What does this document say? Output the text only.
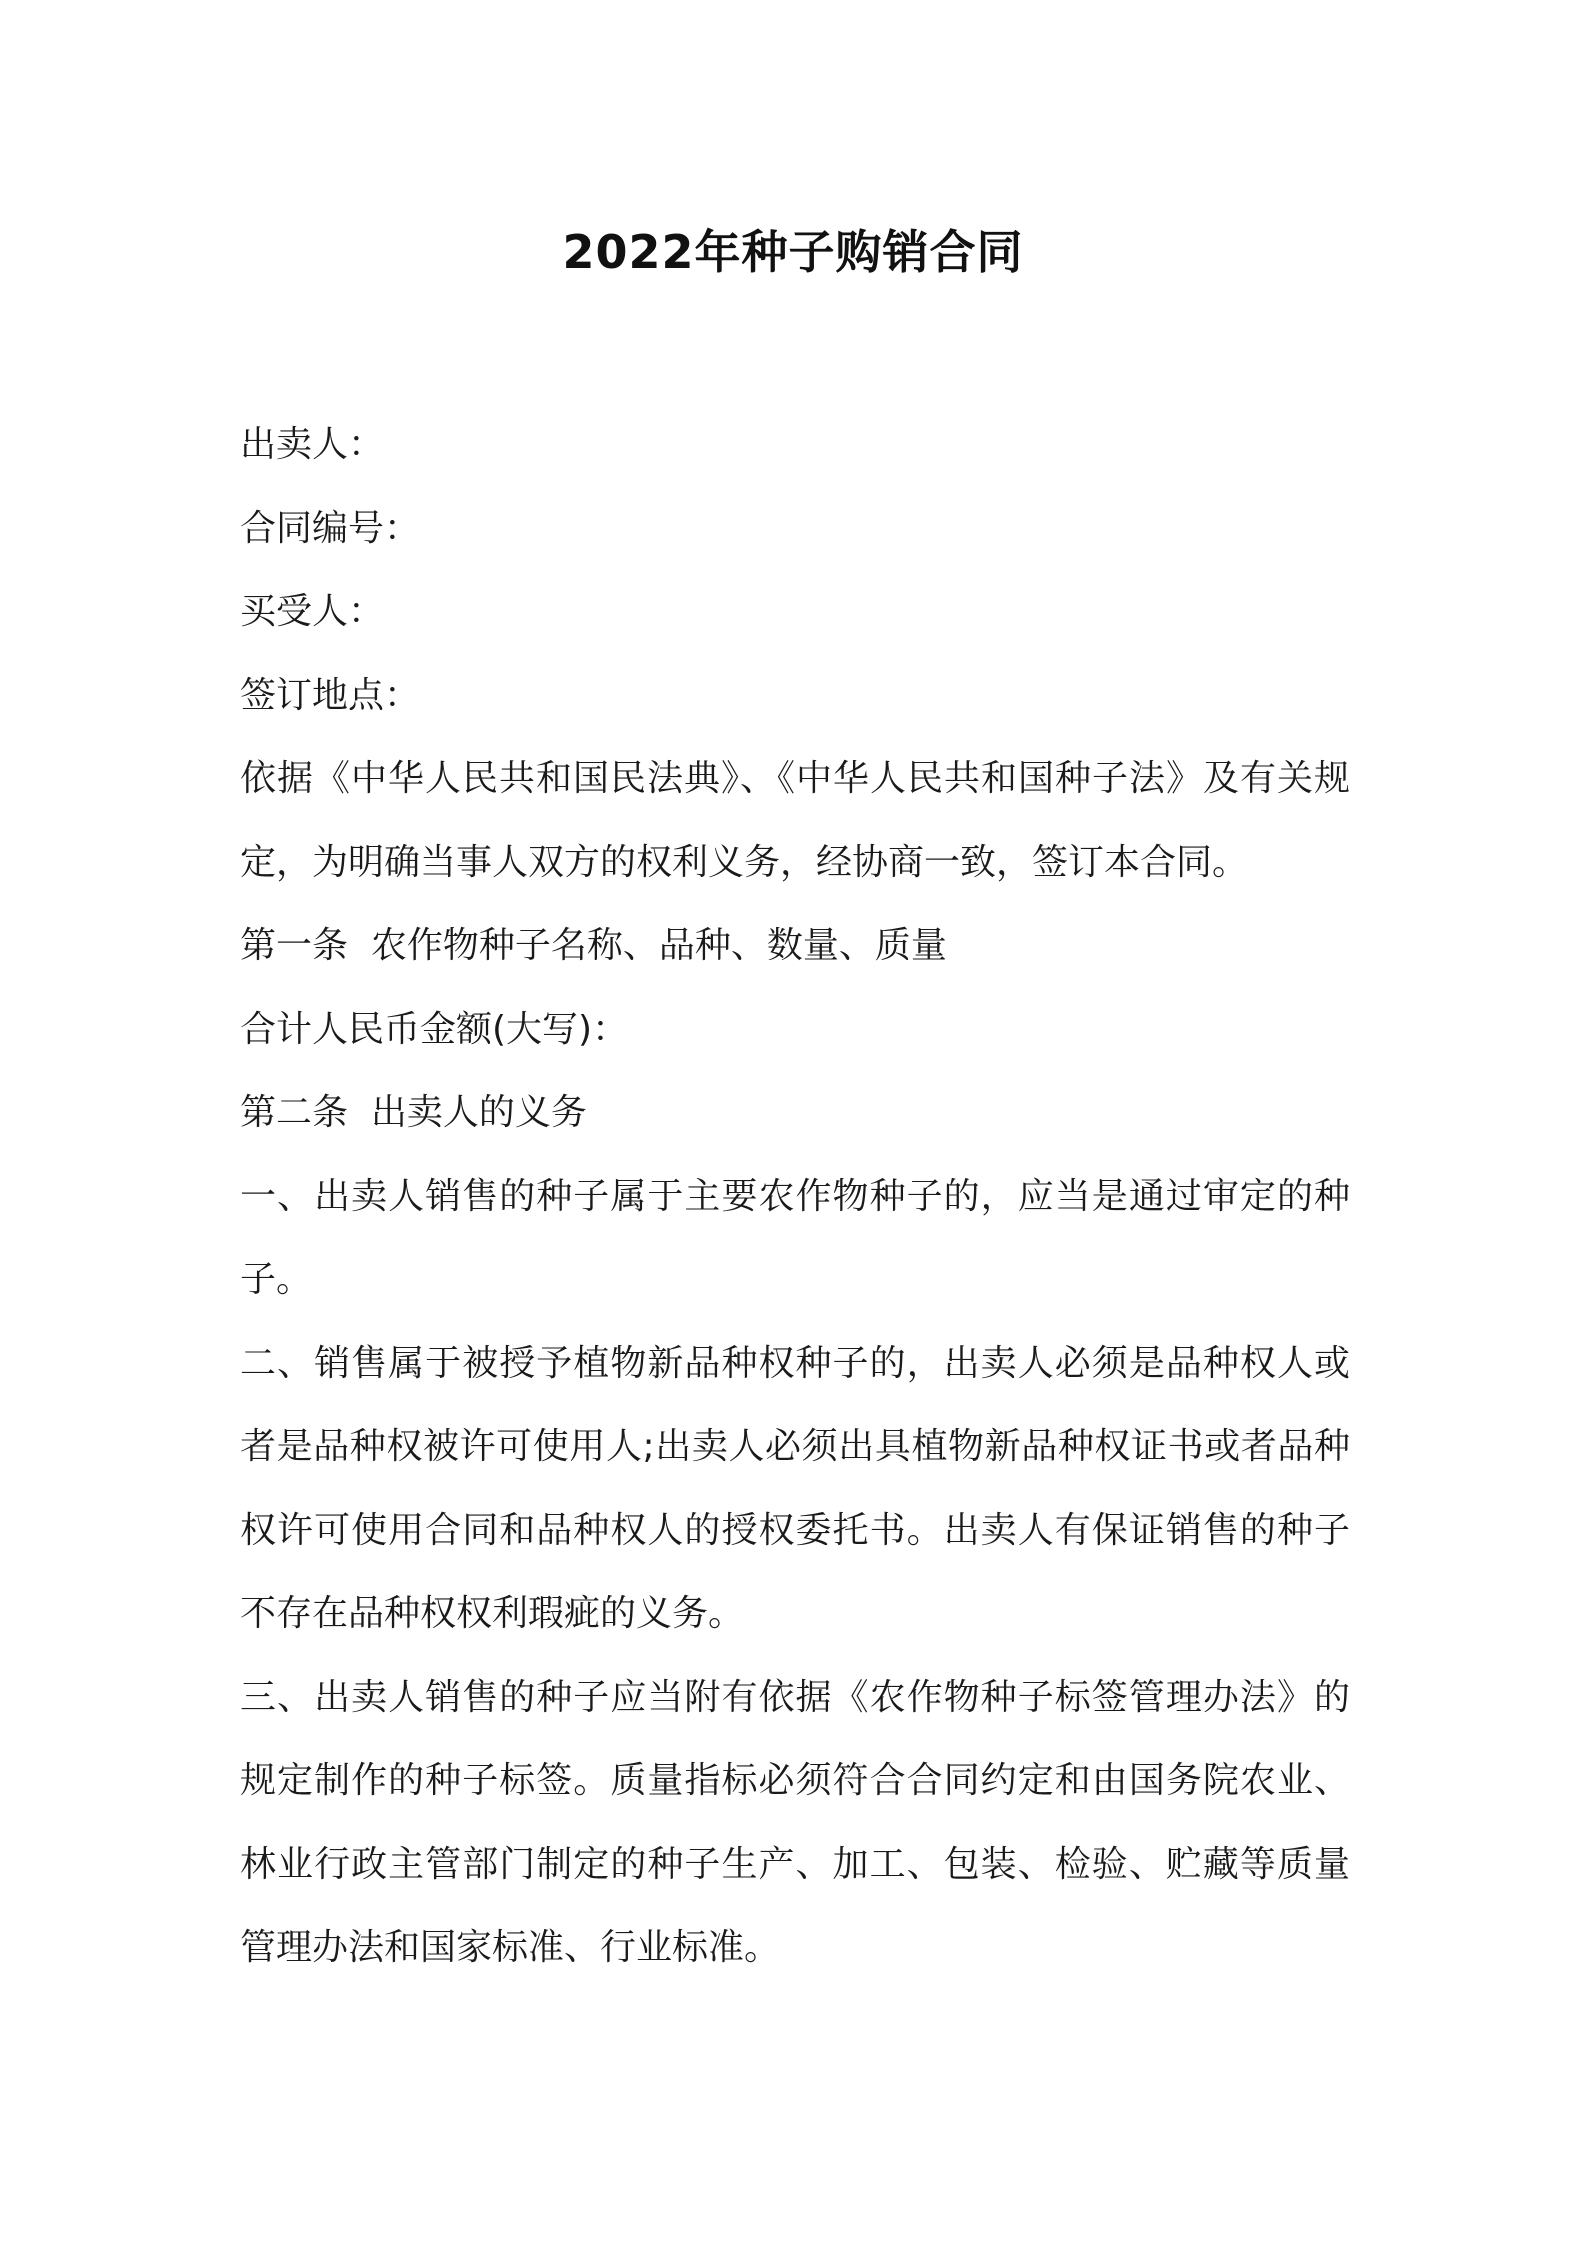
2022年种子购销合同

出卖人：

合同编号：

买受人：

签订地点：

依据《中华人民共和国民法典》、《中华人民共和国种子法》及有关规定，为明确当事人双方的权利义务，经协商一致，签订本合同。

第一条  农作物种子名称、品种、数量、质量

合计人民币金额(大写)：

第二条  出卖人的义务

一、出卖人销售的种子属于主要农作物种子的，应当是通过审定的种子。

二、销售属于被授予植物新品种权种子的，出卖人必须是品种权人或者是品种权被许可使用人;出卖人必须出具植物新品种权证书或者品种权许可使用合同和品种权人的授权委托书。出卖人有保证销售的种子不存在品种权权利瑕疵的义务。

三、出卖人销售的种子应当附有依据《农作物种子标签管理办法》的规定制作的种子标签。质量指标必须符合合同约定和由国务院农业、林业行政主管部门制定的种子生产、加工、包装、检验、贮藏等质量管理办法和国家标准、行业标准。
